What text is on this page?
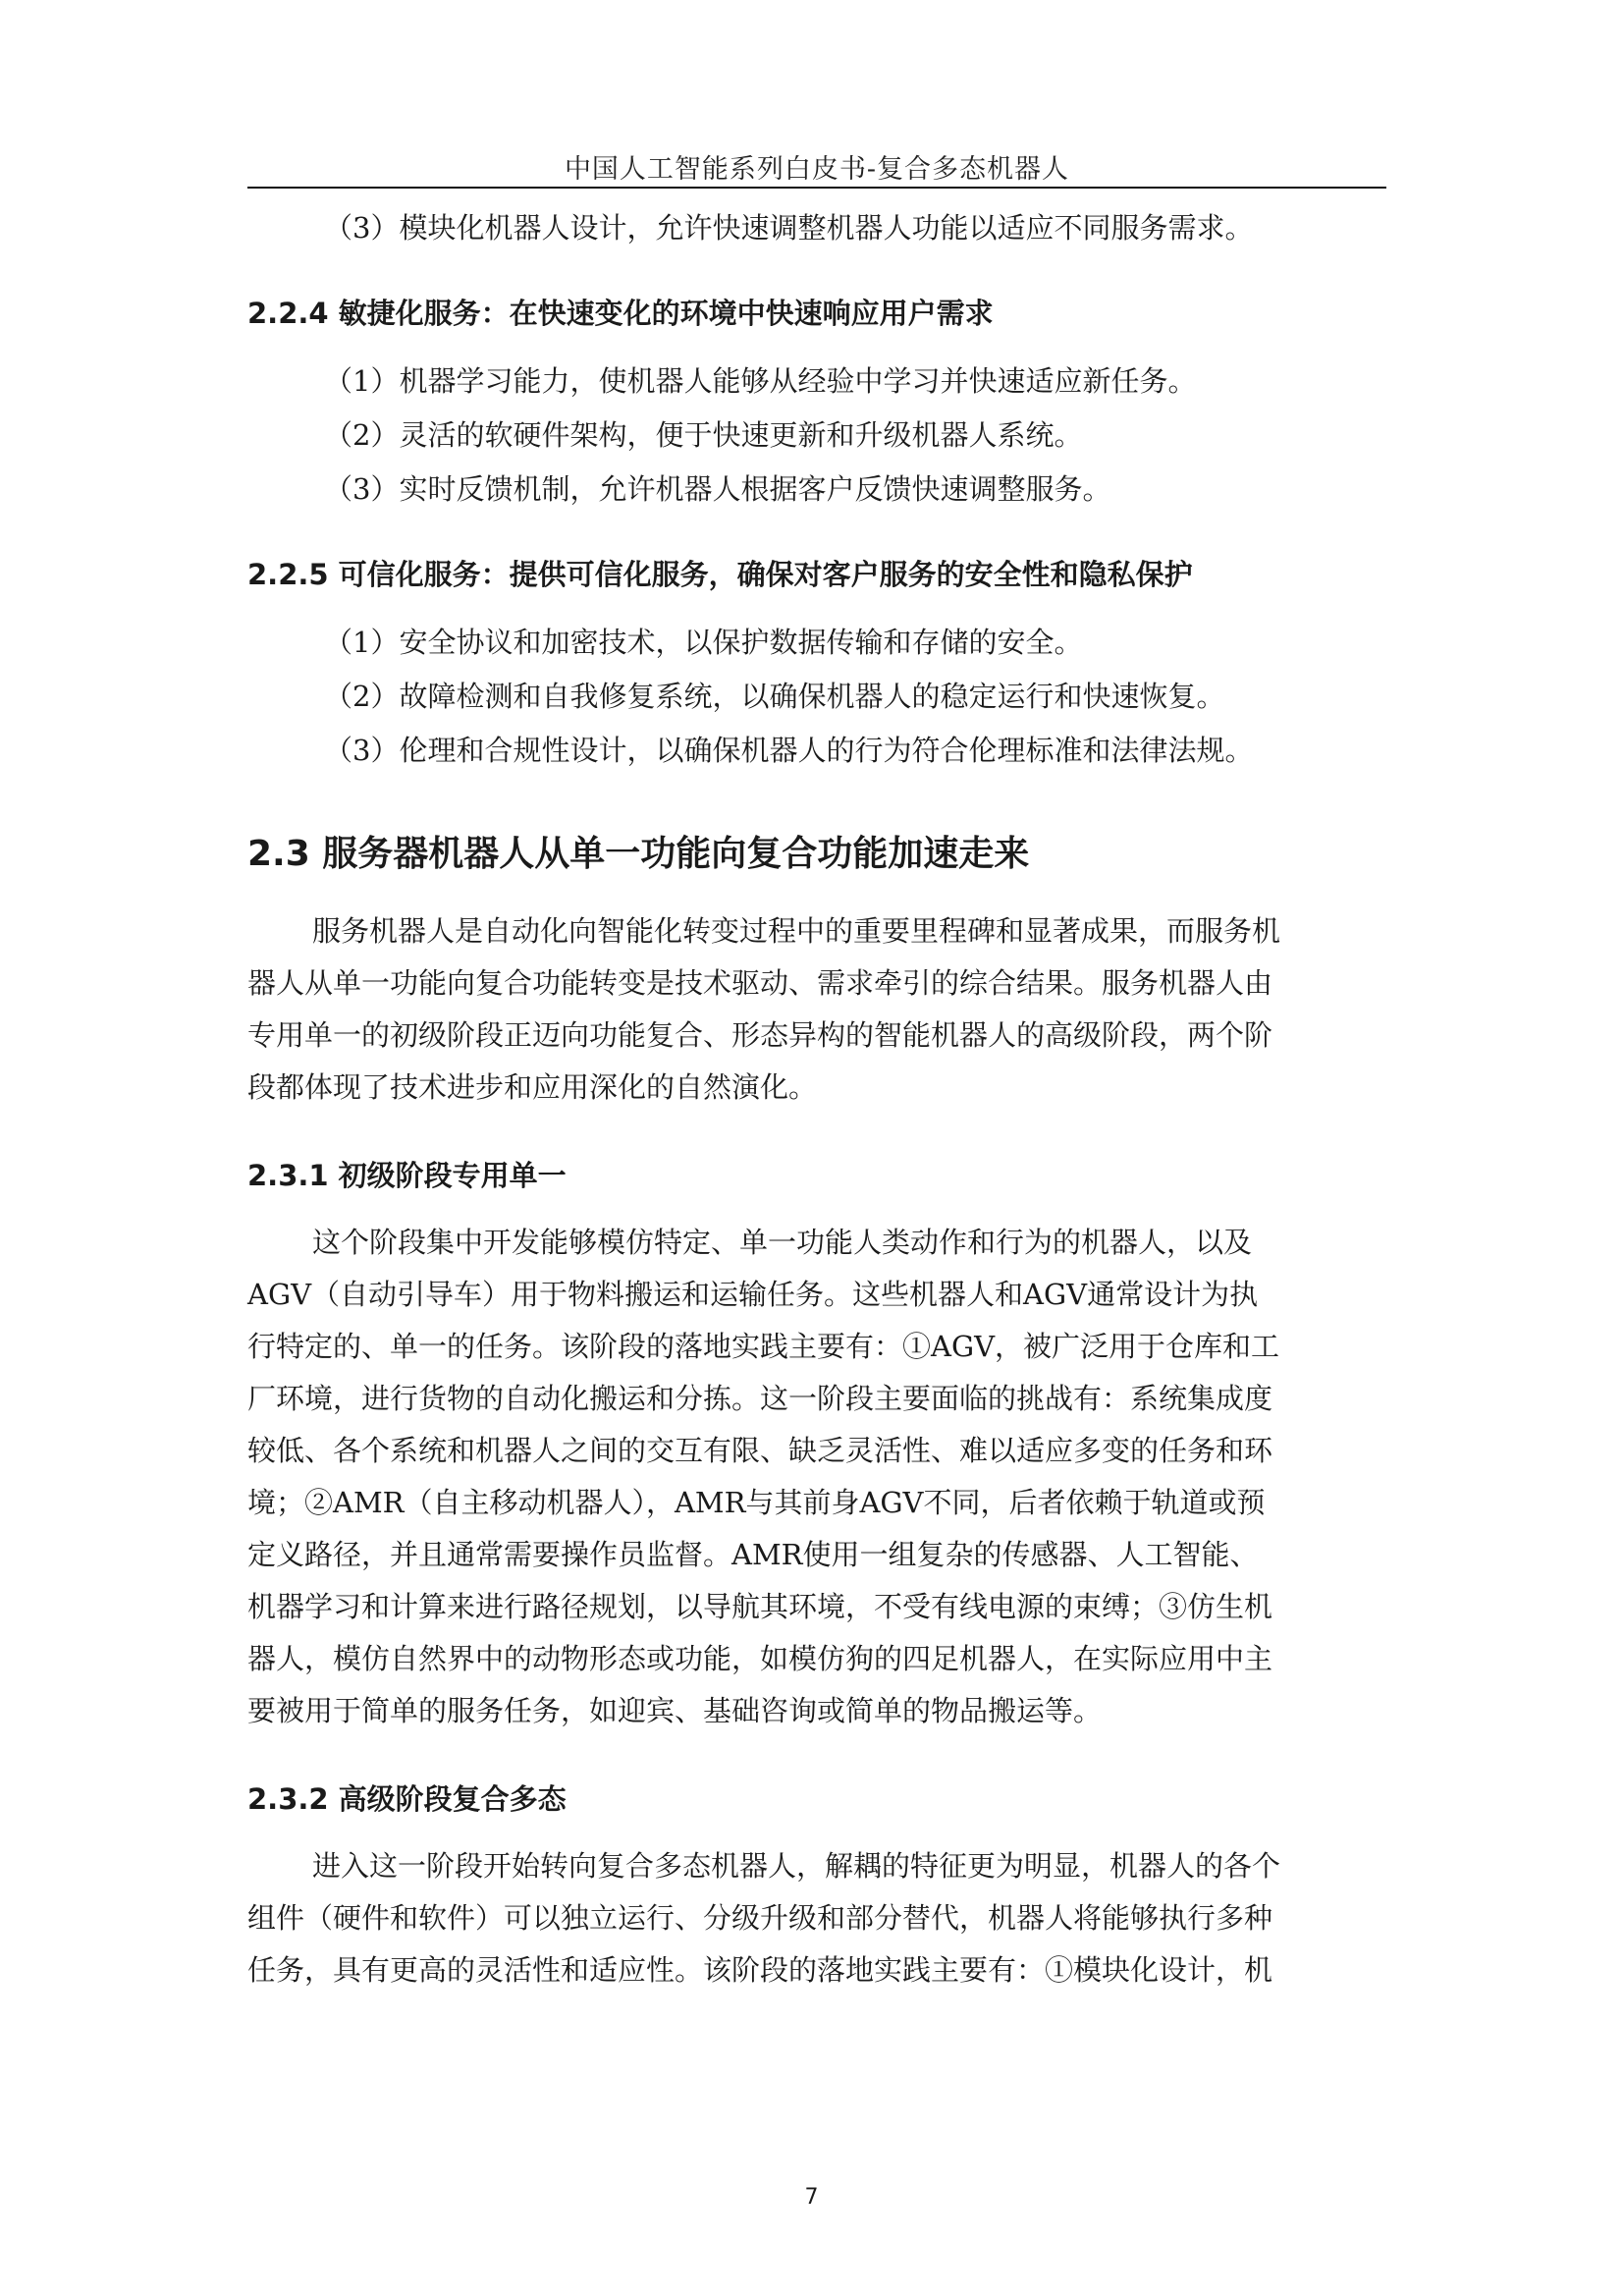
中国人工智能系列白皮书-复合多态机器人

（3）模块化机器人设计，允许快速调整机器人功能以适应不同服务需求。

2.2.4 敏捷化服务：在快速变化的环境中快速响应用户需求

（1）机器学习能力，使机器人能够从经验中学习并快速适应新任务。

（2）灵活的软硬件架构，便于快速更新和升级机器人系统。

（3）实时反馈机制，允许机器人根据客户反馈快速调整服务。

2.2.5 可信化服务：提供可信化服务，确保对客户服务的安全性和隐私保护

（1）安全协议和加密技术，以保护数据传输和存储的安全。

（2）故障检测和自我修复系统，以确保机器人的稳定运行和快速恢复。

（3）伦理和合规性设计，以确保机器人的行为符合伦理标准和法律法规。

2.3 服务器机器人从单一功能向复合功能加速走来
服务机器人是自动化向智能化转变过程中的重要里程碑和显著成果，而服务机
器人从单一功能向复合功能转变是技术驱动、需求牵引的综合结果。服务机器人由
专用单一的初级阶段正迈向功能复合、形态异构的智能机器人的高级阶段，两个阶
段都体现了技术进步和应用深化的自然演化。
2.3.1 初级阶段专用单一
这个阶段集中开发能够模仿特定、单一功能人类动作和行为的机器人，以及
AGV（自动引导车）用于物料搬运和运输任务。这些机器人和AGV通常设计为执
行特定的、单一的任务。该阶段的落地实践主要有：①AGV，被广泛用于仓库和工
厂环境，进行货物的自动化搬运和分拣。这一阶段主要面临的挑战有：系统集成度
较低、各个系统和机器人之间的交互有限、缺乏灵活性、难以适应多变的任务和环
境；②AMR（自主移动机器人），AMR与其前身AGV不同，后者依赖于轨道或预
定义路径，并且通常需要操作员监督。AMR使用一组复杂的传感器、人工智能、
机器学习和计算来进行路径规划，以导航其环境，不受有线电源的束缚；③仿生机
器人，模仿自然界中的动物形态或功能，如模仿狗的四足机器人，在实际应用中主
要被用于简单的服务任务，如迎宾、基础咨询或简单的物品搬运等。
2.3.2 高级阶段复合多态
进入这一阶段开始转向复合多态机器人，解耦的特征更为明显，机器人的各个
组件（硬件和软件）可以独立运行、分级升级和部分替代，机器人将能够执行多种
任务，具有更高的灵活性和适应性。该阶段的落地实践主要有：①模块化设计，机
7
